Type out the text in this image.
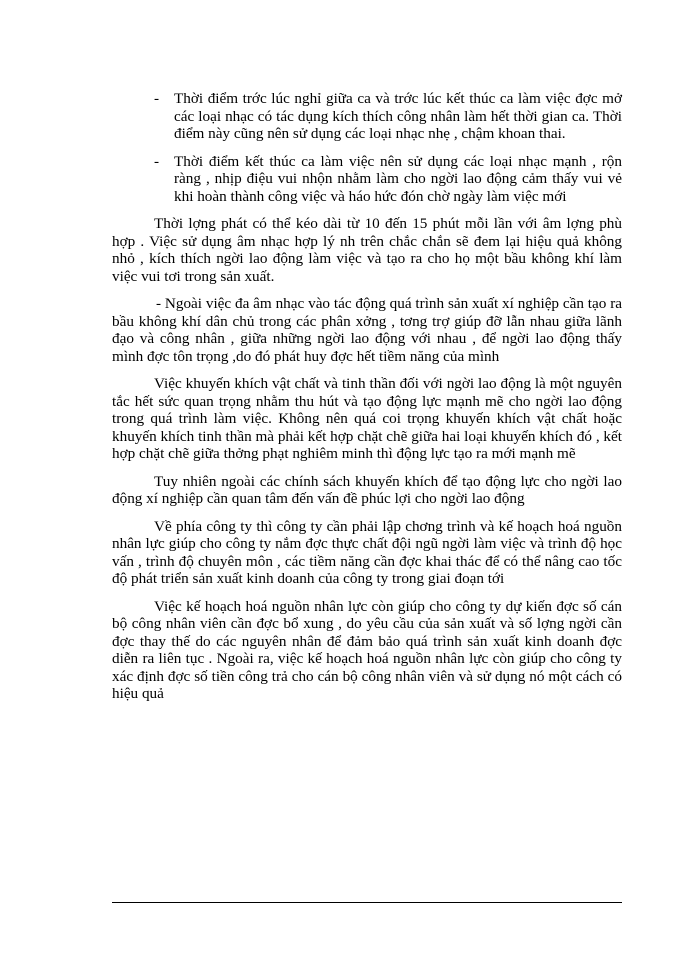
- Thời điểm trớc lúc nghỉ giữa ca và trớc lúc kết thúc ca làm việc đợc mở các loại nhạc có tác dụng kích thích công nhân làm hết thời gian ca. Thời điểm này cũng nên sử dụng các loại nhạc nhẹ , chậm khoan thai.
- Thời điểm kết thúc ca làm việc nên sử dụng các loại nhạc mạnh , rộn ràng , nhịp điệu vui nhộn nhằm làm cho ngời lao động cảm thấy vui vẻ khi hoàn thành công việc và háo hức đón chờ ngày làm việc mới

Thời lợng phát có thể kéo dài từ 10 đến 15 phút mỗi lần với âm lợng phù hợp . Việc sử dụng âm nhạc hợp lý nh trên chắc chắn sẽ đem lại hiệu quả không nhỏ , kích thích ngời lao động làm việc và tạo ra cho họ một bầu không khí làm việc vui tơi trong sản xuất.

- Ngoài việc đa âm nhạc vào tác động quá trình sản xuất xí nghiệp cần tạo ra bầu không khí dân chủ trong các phân xởng , tơng trợ giúp đỡ lẫn nhau giữa lãnh đạo và công nhân , giữa những ngời lao động với nhau , để ngời lao động thấy mình đợc tôn trọng ,do đó phát huy đợc hết tiềm năng của mình

Việc khuyến khích vật chất và tinh thần đối với ngời lao động là một nguyên tắc hết sức quan trọng nhằm thu hút và tạo động lực mạnh mẽ cho ngời lao động trong quá trình làm việc. Không nên quá coi trọng khuyến khích vật chất hoặc khuyến khích tinh thần mà phải kết hợp chặt chẽ giữa hai loại khuyến khích đó , kết hợp chặt chẽ giữa thởng phạt nghiêm minh thì động lực tạo ra mới mạnh mẽ

Tuy nhiên ngoài các chính sách khuyến khích để tạo động lực cho ngời lao động xí nghiệp cần quan tâm đến vấn đề phúc lợi cho ngời lao động

Về phía công ty thì công ty cần phải lập chơng trình và kế hoạch hoá nguồn nhân lực giúp cho công ty nắm đợc thực chất đội ngũ ngời làm việc và trình độ học vấn , trình độ chuyên môn , các tiềm năng cần đợc khai thác để có thể nâng cao tốc độ phát triển sản xuất kinh doanh của công ty trong giai đoạn tới

Việc kế hoạch hoá nguồn nhân lực còn giúp cho công ty dự kiến đợc số cán bộ công nhân viên cần đợc bổ xung , do yêu cầu của sản xuất và số lợng ngời cần đợc thay thế do các nguyên nhân để đảm bảo quá trình sản xuất kinh doanh đợc diễn ra liên tục . Ngoài ra, việc kế hoạch hoá nguồn nhân lực còn giúp cho công ty xác định đợc số tiền công trả cho cán bộ công nhân viên và sử dụng nó một cách có hiệu quả
